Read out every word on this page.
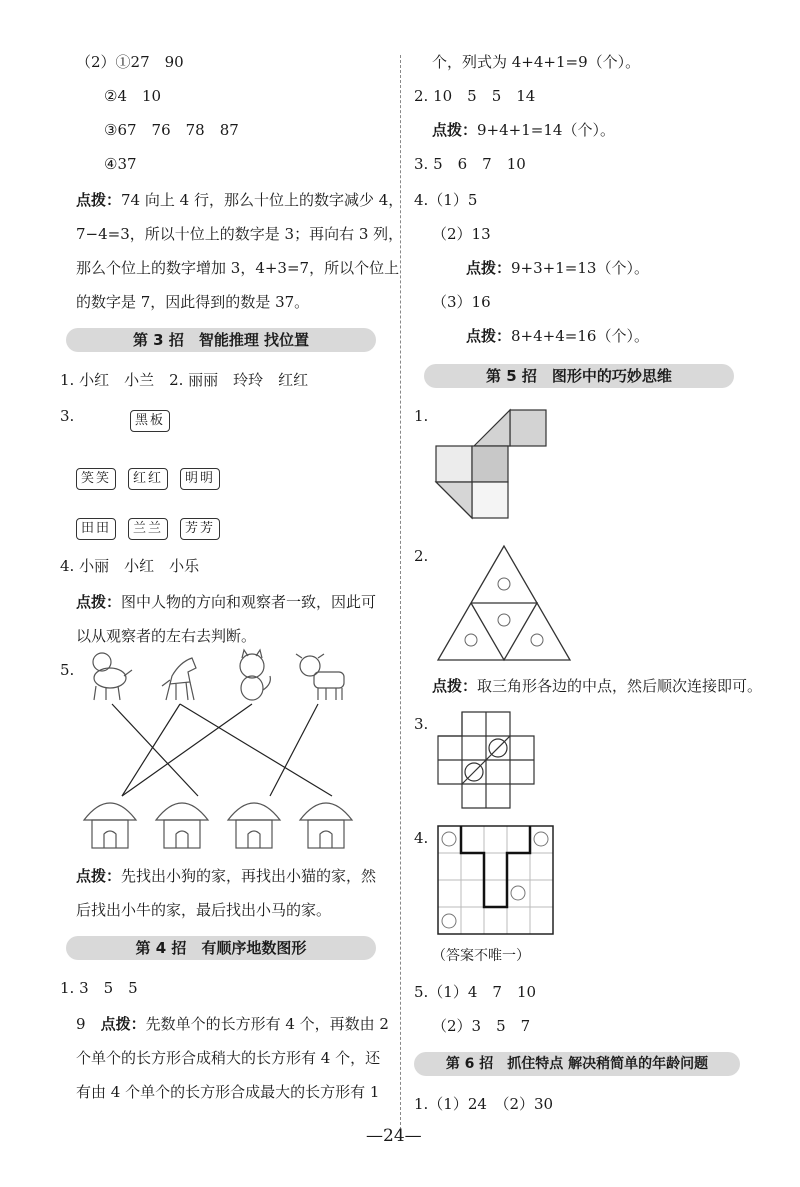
（2）①27　90
②4　10
③67　76　78　87
④37
点拨：74 向上 4 行，那么十位上的数字减少 4，
7−4=3，所以十位上的数字是 3；再向右 3 列，
那么个位上的数字增加 3，4+3=7，所以个位上
的数字是 7，因此得到的数是 37。
第 3 招　智能推理 找位置
1. 小红　小兰　2. 丽丽　玲玲　红红
3.	黑板
笑笑	红红	明明
田田	兰兰	芳芳
4. 小丽　小红　小乐
点拨：图中人物的方向和观察者一致，因此可
以从观察者的左右去判断。
5.
点拨：先找出小狗的家，再找出小猫的家，然
后找出小牛的家，最后找出小马的家。
第 4 招　有顺序地数图形
1. 3　5　5
9　 点拨：先数单个的长方形有 4 个，再数由 2
个单个的长方形合成稍大的长方形有 4 个，还
有由 4 个单个的长方形合成最大的长方形有 1
个，列式为 4+4+1=9（个）。
2. 10　5　5　14
点拨：9+4+1=14（个）。
3. 5　6　7　10
4.（1）5
（2）13
点拨：9+3+1=13（个）。
（3）16
点拨：8+4+4=16（个）。
第 5 招　图形中的巧妙思维
1.
2.
点拨：取三角形各边的中点，然后顺次连接即可。
3.
4.
（答案不唯一）
5.（1）4　7　10
（2）3　5　7
第 6 招　抓住特点 解决稍简单的年龄问题
1.（1）24　（2）30
—24—
